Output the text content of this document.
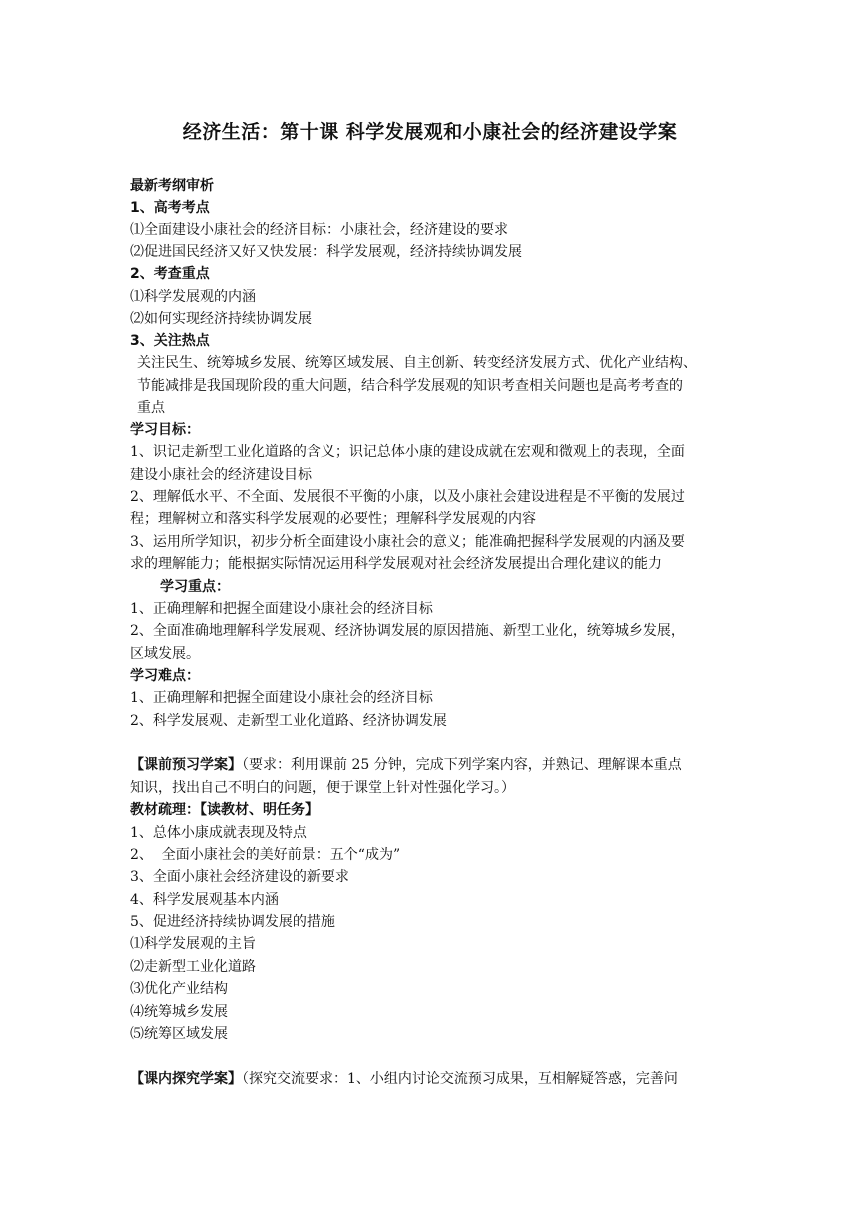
经济生活：第十课 科学发展观和小康社会的经济建设学案
最新考纲审析
1、高考考点
⑴全面建设小康社会的经济目标：小康社会，经济建设的要求
⑵促进国民经济又好又快发展：科学发展观，经济持续协调发展
2、考查重点
⑴科学发展观的内涵
⑵如何实现经济持续协调发展
3、关注热点
关注民生、统筹城乡发展、统筹区域发展、自主创新、转变经济发展方式、优化产业结构、
节能减排是我国现阶段的重大问题，结合科学发展观的知识考查相关问题也是高考考查的
重点
学习目标：
1、识记走新型工业化道路的含义；识记总体小康的建设成就在宏观和微观上的表现，全面
建设小康社会的经济建设目标
2、理解低水平、不全面、发展很不平衡的小康，以及小康社会建设进程是不平衡的发展过
程；理解树立和落实科学发展观的必要性；理解科学发展观的内容
3、运用所学知识，初步分析全面建设小康社会的意义；能准确把握科学发展观的内涵及要
求的理解能力；能根据实际情况运用科学发展观对社会经济发展提出合理化建议的能力
学习重点：
1、正确理解和把握全面建设小康社会的经济目标
2、全面准确地理解科学发展观、经济协调发展的原因措施、新型工业化，统筹城乡发展，
区域发展。
学习难点：
1、正确理解和把握全面建设小康社会的经济目标
2、科学发展观、走新型工业化道路、经济协调发展
【课前预习学案】（要求：利用课前 25 分钟，完成下列学案内容，并熟记、理解课本重点
知识，找出自己不明白的问题，便于课堂上针对性强化学习。）
教材疏理：【读教材、明任务】
1、总体小康成就表现及特点
2、  全面小康社会的美好前景：五个“成为”
3、全面小康社会经济建设的新要求
4、科学发展观基本内涵
5、促进经济持续协调发展的措施
⑴科学发展观的主旨
⑵走新型工业化道路
⑶优化产业结构
⑷统筹城乡发展
⑸统筹区域发展
【课内探究学案】（探究交流要求：1、小组内讨论交流预习成果，互相解疑答惑，完善问
